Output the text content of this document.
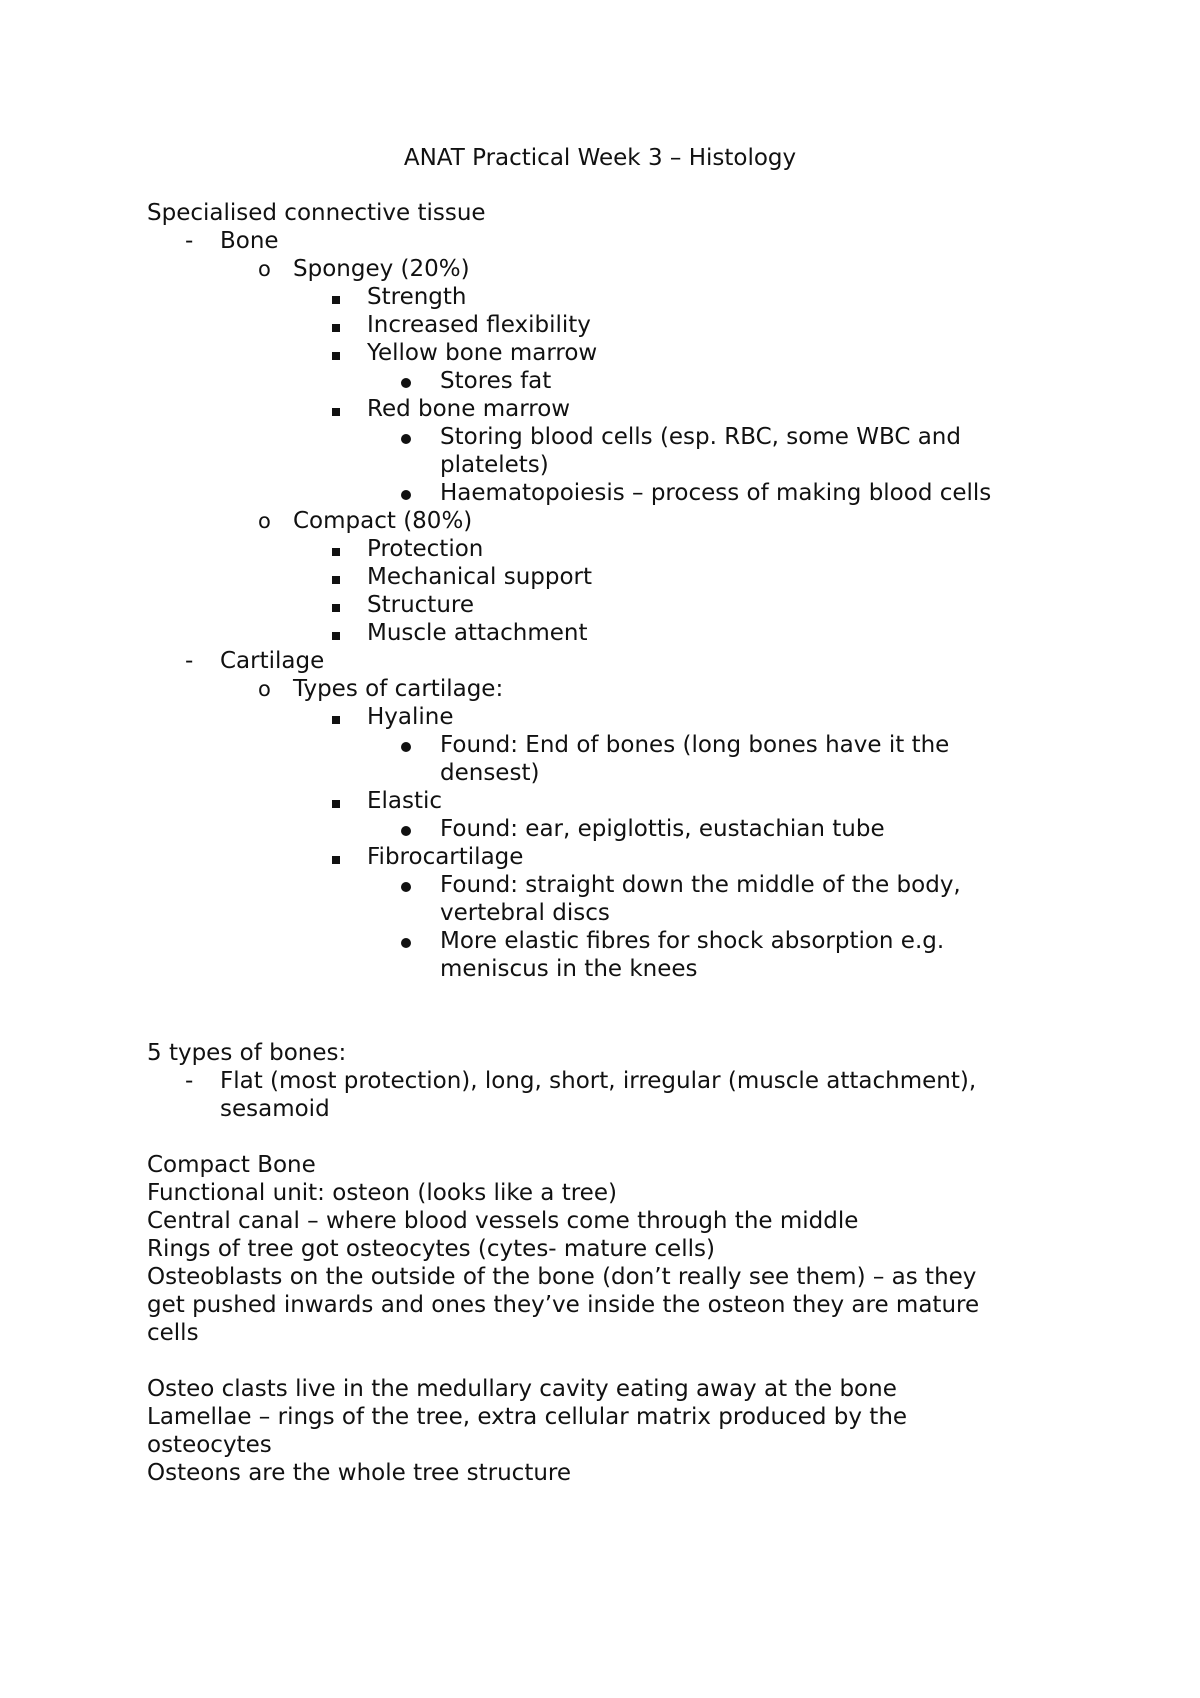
ANAT Practical Week 3 – Histology
Specialised connective tissue
- Bone
o Spongey (20%)
Strength
Increased flexibility
Yellow bone marrow
Stores fat
Red bone marrow
Storing blood cells (esp. RBC, some WBC and
platelets)
Haematopoiesis – process of making blood cells
o Compact (80%)
Protection
Mechanical support
Structure
Muscle attachment
- Cartilage
o Types of cartilage:
Hyaline
Found: End of bones (long bones have it the
densest)
Elastic
Found: ear, epiglottis, eustachian tube
Fibrocartilage
Found: straight down the middle of the body,
vertebral discs
More elastic fibres for shock absorption e.g.
meniscus in the knees
5 types of bones:
- Flat (most protection), long, short, irregular (muscle attachment),
sesamoid
Compact Bone
Functional unit: osteon (looks like a tree)
Central canal – where blood vessels come through the middle
Rings of tree got osteocytes (cytes- mature cells)
Osteoblasts on the outside of the bone (don’t really see them) – as they
get pushed inwards and ones they’ve inside the osteon they are mature
cells
Osteo clasts live in the medullary cavity eating away at the bone
Lamellae – rings of the tree, extra cellular matrix produced by the
osteocytes
Osteons are the whole tree structure
